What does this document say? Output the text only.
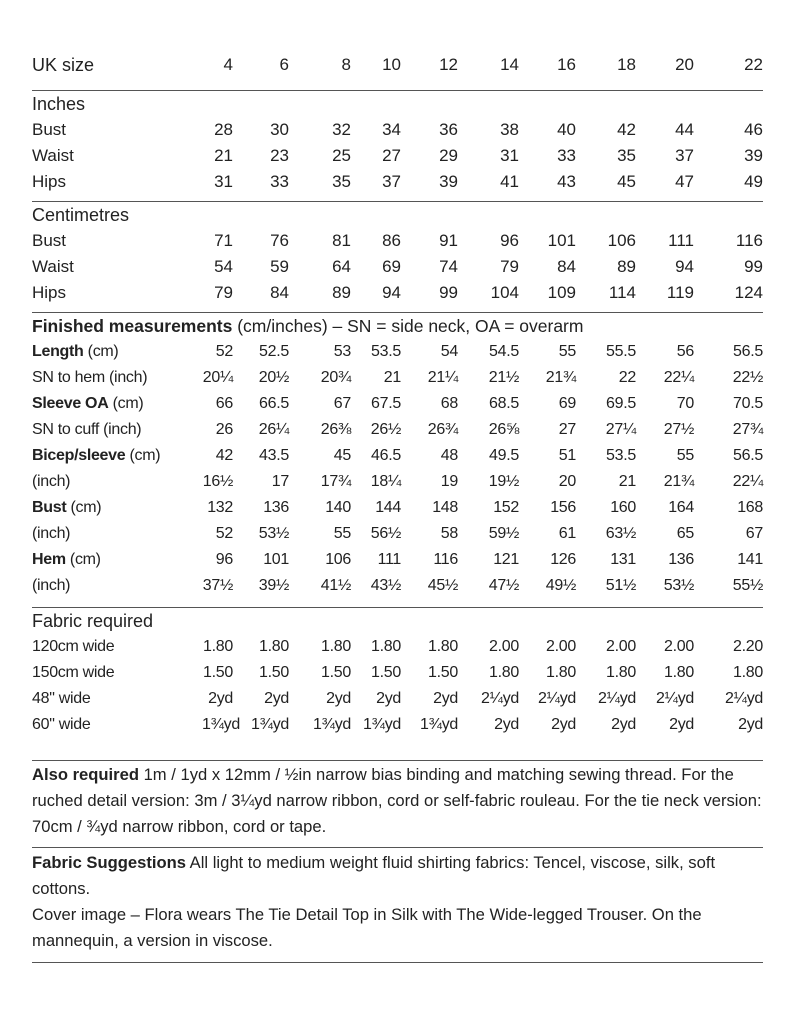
UK size	4	6	8	10	12	14	16	18	20	22

Inches										
Bust	28	30	32	34	36	38	40	42	44	46
Waist	21	23	25	27	29	31	33	35	37	39
Hips	31	33	35	37	39	41	43	45	47	49

Centimetres										
Bust	71	76	81	86	91	96	101	106	111	116
Waist	54	59	64	69	74	79	84	89	94	99
Hips	79	84	89	94	99	104	109	114	119	124

Finished measurements (cm/inches) – SN = side neck, OA = overarm										
Length (cm)	52	52.5	53	53.5	54	54.5	55	55.5	56	56.5
SN to hem (inch)	20¼	20½	20¾	21	21¼	21½	21¾	22	22¼	22½
Sleeve OA (cm)	66	66.5	67	67.5	68	68.5	69	69.5	70	70.5
SN to cuff (inch)	26	26¼	26⅜	26½	26¾	26⅝	27	27¼	27½	27¾
Bicep/sleeve (cm)	42	43.5	45	46.5	48	49.5	51	53.5	55	56.5
(inch)	16½	17	17¾	18¼	19	19½	20	21	21¾	22¼
Bust (cm)	132	136	140	144	148	152	156	160	164	168
(inch)	52	53½	55	56½	58	59½	61	63½	65	67
Hem (cm)	96	101	106	111	116	121	126	131	136	141
(inch)	37½	39½	41½	43½	45½	47½	49½	51½	53½	55½

Fabric required										
120cm wide	1.80	1.80	1.80	1.80	1.80	2.00	2.00	2.00	2.00	2.20
150cm wide	1.50	1.50	1.50	1.50	1.50	1.80	1.80	1.80	1.80	1.80
48" wide	2yd	2yd	2yd	2yd	2yd	2¼yd	2¼yd	2¼yd	2¼yd	2¼yd
60" wide	1¾yd	1¾yd	1¾yd	1¾yd	1¾yd	2yd	2yd	2yd	2yd	2yd
Also required 1m / 1yd x 12mm / ½in narrow bias binding and matching sewing thread. For the ruched detail version: 3m / 3¼yd narrow ribbon, cord or self-fabric rouleau. For the tie neck version: 70cm / ¾yd narrow ribbon, cord or tape.
Fabric Suggestions All light to medium weight fluid shirting fabrics: Tencel, viscose, silk, soft cottons.
Cover image – Flora wears The Tie Detail Top in Silk with The Wide-legged Trouser. On the mannequin, a version in viscose.
